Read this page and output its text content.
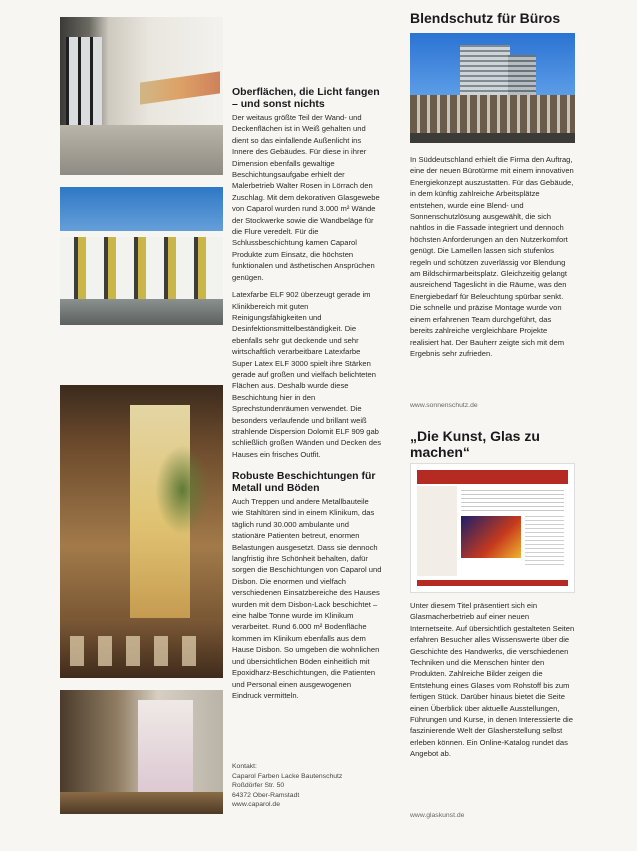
Oberflächen, die Licht fangen – und sonst nichts

Der weitaus größte Teil der Wand- und Deckenflächen ist in Weiß gehalten und dient so das einfallende Außenlicht ins Innere des Gebäudes. Für diese in ihrer Dimension ebenfalls gewaltige Beschichtungsaufgabe erhielt der Malerbetrieb Walter Rosen in Lörrach den Zuschlag. Mit dem dekorativen Glasgewebe von Caparol wurden rund 3.000 m² Wände der Stockwerke sowie die Wandbeläge für die Flure veredelt. Für die Schlussbeschichtung kamen Caparol Produkte zum Einsatz, die höchsten funktionalen und ästhetischen Ansprüchen genügen.

Latexfarbe ELF 902 überzeugt gerade im Klinikbereich mit guten Reinigungsfähigkeiten und Desinfektionsmittelbeständigkeit. Die ebenfalls sehr gut deckende und sehr wirtschaftlich verarbeitbare Latexfarbe Super Latex ELF 3000 spielt ihre Stärken gerade auf großen und vielfach belichteten Flächen aus. Deshalb wurde diese Beschichtung hier in den Sprechstundenräumen verwendet. Die besonders verlaufende und brillant weiß strahlende Dispersion Dolomit ELF 909 gab schließlich großen Wänden und Decken des Hauses ein frisches Outfit.

Robuste Beschichtungen für Metall und Böden

Auch Treppen und andere Metallbauteile wie Stahltüren sind in einem Klinikum, das täglich rund 30.000 ambulante und stationäre Patienten betreut, enormen Belastungen ausgesetzt. Dass sie dennoch langfristig ihre Schönheit behalten, dafür sorgen die Beschichtungen von Caparol und Disbon. Die enormen und vielfach verschiedenen Einsatzbereiche des Hauses wurden mit dem Disbon-Lack beschichtet – eine halbe Tonne wurde im Klinikum verarbeitet. Rund 6.000 m² Bodenfläche kommen im Klinikum ebenfalls aus dem Hause Disbon. So umgeben die wohnlichen und übersichtlichen Böden einheitlich mit Epoxidharz-Beschichtungen, die Patienten und Personal einen ausgewogenen Eindruck vermitteln.

Kontakt:
Caparol Farben Lacke Bautenschutz
Roßdörfer Str. 50
64372 Ober-Ramstadt
www.caparol.de
Blendschutz für Büros

In Süddeutschland erhielt die Firma den Auftrag, eine der neuen Bürotürme mit einem innovativen Energiekonzept auszustatten. Für das Gebäude, in dem künftig zahlreiche Arbeitsplätze entstehen, wurde eine Blend- und Sonnenschutzlösung ausgewählt, die sich nahtlos in die Fassade integriert und dennoch höchsten Anforderungen an den Nutzerkomfort genügt. Die Lamellen lassen sich stufenlos regeln und schützen zuverlässig vor Blendung am Bildschirmarbeitsplatz. Gleichzeitig gelangt ausreichend Tageslicht in die Räume, was den Energiebedarf für Beleuchtung spürbar senkt. Die schnelle und präzise Montage wurde von einem erfahrenen Team durchgeführt, das bereits zahlreiche vergleichbare Projekte realisiert hat. Der Bauherr zeigte sich mit dem Ergebnis sehr zufrieden.

www.sonnenschutz.de
„Die Kunst, Glas zu machen“

Unter diesem Titel präsentiert sich ein Glasmacherbetrieb auf einer neuen Internetseite. Auf übersichtlich gestalteten Seiten erfahren Besucher alles Wissenswerte über die Geschichte des Handwerks, die verschiedenen Techniken und die Menschen hinter den Produkten. Zahlreiche Bilder zeigen die Entstehung eines Glases vom Rohstoff bis zum fertigen Stück. Darüber hinaus bietet die Seite einen Überblick über aktuelle Ausstellungen, Führungen und Kurse, in denen Interessierte die faszinierende Welt der Glasherstellung selbst erleben können. Ein Online-Katalog rundet das Angebot ab.

www.glaskunst.de
